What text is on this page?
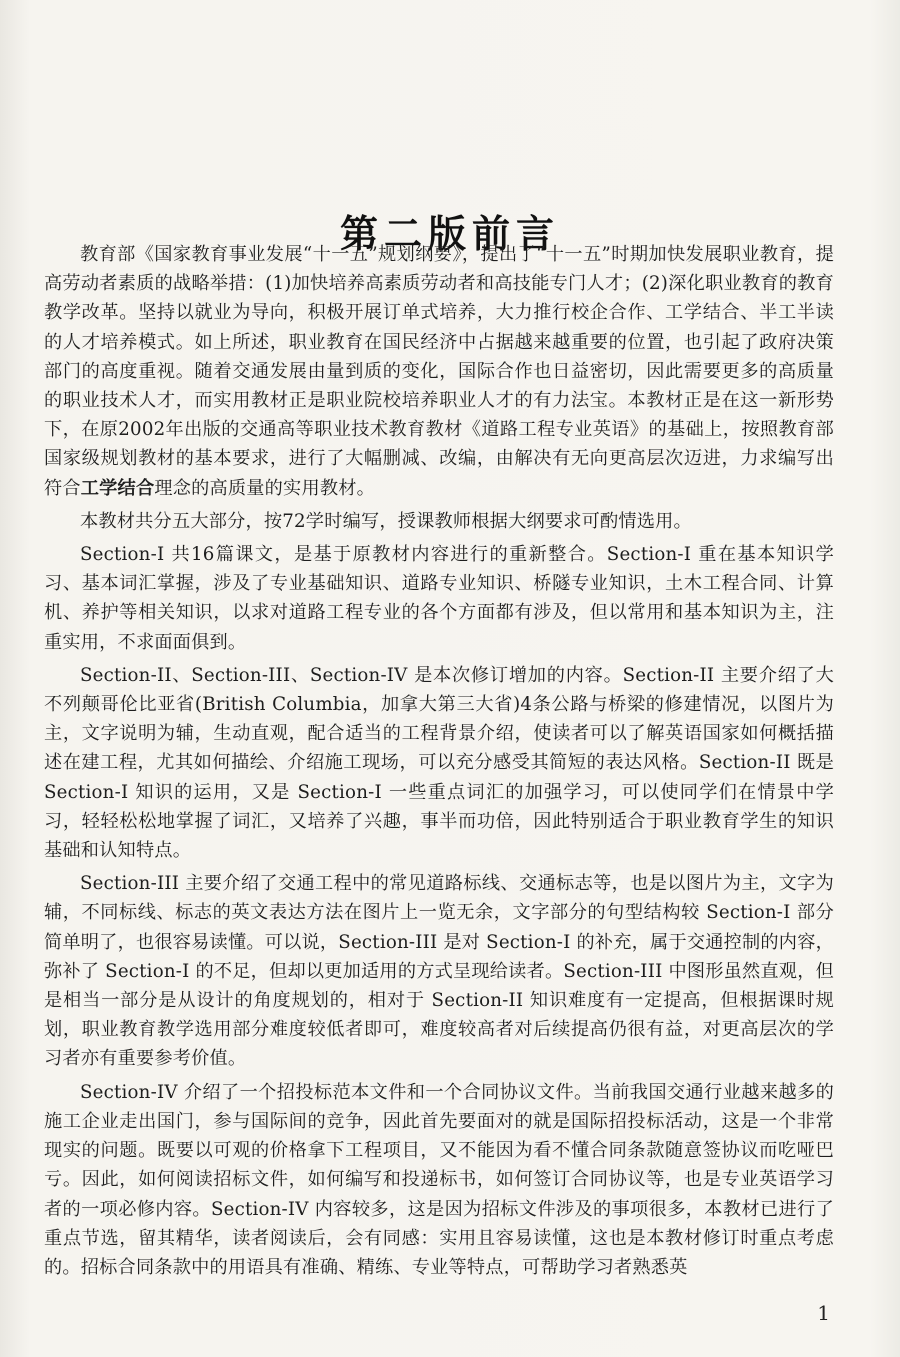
第二版前言

教育部《国家教育事业发展“十一五”规划纲要》，提出了“十一五”时期加快发展职业教育，提高劳动者素质的战略举措：(1)加快培养高素质劳动者和高技能专门人才；(2)深化职业教育的教育教学改革。坚持以就业为导向，积极开展订单式培养，大力推行校企合作、工学结合、半工半读的人才培养模式。如上所述，职业教育在国民经济中占据越来越重要的位置，也引起了政府决策部门的高度重视。随着交通发展由量到质的变化，国际合作也日益密切，因此需要更多的高质量的职业技术人才，而实用教材正是职业院校培养职业人才的有力法宝。本教材正是在这一新形势下，在原2002年出版的交通高等职业技术教育教材《道路工程专业英语》的基础上，按照教育部国家级规划教材的基本要求，进行了大幅删减、改编，由解决有无向更高层次迈进，力求编写出符合工学结合理念的高质量的实用教材。

本教材共分五大部分，按72学时编写，授课教师根据大纲要求可酌情选用。

Section-I 共16篇课文，是基于原教材内容进行的重新整合。Section-I 重在基本知识学习、基本词汇掌握，涉及了专业基础知识、道路专业知识、桥隧专业知识，土木工程合同、计算机、养护等相关知识，以求对道路工程专业的各个方面都有涉及，但以常用和基本知识为主，注重实用，不求面面俱到。

Section-II、Section-III、Section-IV 是本次修订增加的内容。Section-II 主要介绍了大不列颠哥伦比亚省(British Columbia，加拿大第三大省)4条公路与桥梁的修建情况，以图片为主，文字说明为辅，生动直观，配合适当的工程背景介绍，使读者可以了解英语国家如何概括描述在建工程，尤其如何描绘、介绍施工现场，可以充分感受其简短的表达风格。Section-II 既是 Section-I 知识的运用，又是 Section-I 一些重点词汇的加强学习，可以使同学们在情景中学习，轻轻松松地掌握了词汇，又培养了兴趣，事半而功倍，因此特别适合于职业教育学生的知识基础和认知特点。

Section-III 主要介绍了交通工程中的常见道路标线、交通标志等，也是以图片为主，文字为辅，不同标线、标志的英文表达方法在图片上一览无余，文字部分的句型结构较 Section-I 部分简单明了，也很容易读懂。可以说，Section-III 是对 Section-I 的补充，属于交通控制的内容，弥补了 Section-I 的不足，但却以更加适用的方式呈现给读者。Section-III 中图形虽然直观，但是相当一部分是从设计的角度规划的，相对于 Section-II 知识难度有一定提高，但根据课时规划，职业教育教学选用部分难度较低者即可，难度较高者对后续提高仍很有益，对更高层次的学习者亦有重要参考价值。

Section-IV 介绍了一个招投标范本文件和一个合同协议文件。当前我国交通行业越来越多的施工企业走出国门，参与国际间的竞争，因此首先要面对的就是国际招投标活动，这是一个非常现实的问题。既要以可观的价格拿下工程项目，又不能因为看不懂合同条款随意签协议而吃哑巴亏。因此，如何阅读招标文件，如何编写和投递标书，如何签订合同协议等，也是专业英语学习者的一项必修内容。Section-IV 内容较多，这是因为招标文件涉及的事项很多，本教材已进行了重点节选，留其精华，读者阅读后，会有同感：实用且容易读懂，这也是本教材修订时重点考虑的。招标合同条款中的用语具有准确、精练、专业等特点，可帮助学习者熟悉英

1
